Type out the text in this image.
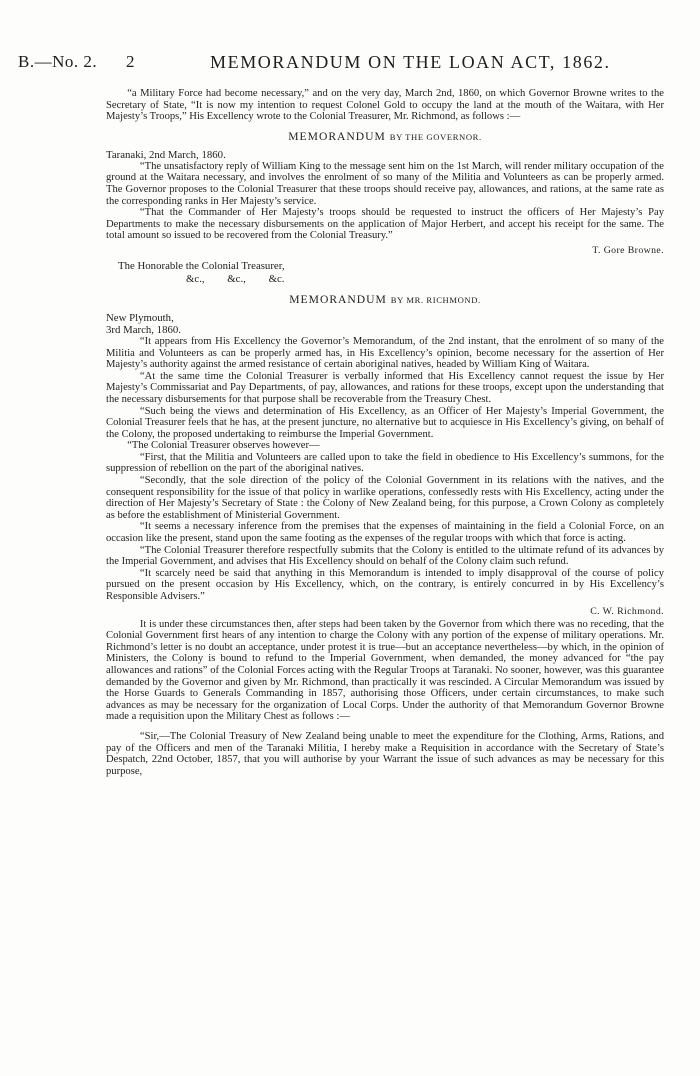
B.—No. 2. 2	MEMORANDUM ON THE LOAN ACT, 1862.

“a Military Force had become necessary,” and on the very day, March 2nd, 1860, on which Governor Browne writes to the Secretary of State, “It is now my intention to request Colonel Gold to occupy the land at the mouth of the Waitara, with Her Majesty’s Troops,” His Excellency wrote to the Colonial Treasurer, Mr. Richmond, as follows :—

MEMORANDUM BY THE GOVERNOR.

Taranaki, 2nd March, 1860.

“The unsatisfactory reply of William King to the message sent him on the 1st March, will render military occupation of the ground at the Waitara necessary, and involves the enrolment of so many of the Militia and Volunteers as can be properly armed. The Governor proposes to the Colonial Treasurer that these troops should receive pay, allowances, and rations, at the same rate as the corresponding ranks in Her Majesty’s service.

“That the Commander of Her Majesty’s troops should be requested to instruct the officers of Her Majesty’s Pay Departments to make the necessary disbursements on the application of Major Herbert, and accept his receipt for the same. The total amount so issued to be recovered from the Colonial Treasury.”

T. Gore Browne.
The Honorable the Colonial Treasurer,
&c., &c., &c.
MEMORANDUM BY MR. RICHMOND.

New Plymouth,

3rd March, 1860.

“It appears from His Excellency the Governor’s Memorandum, of the 2nd instant, that the enrolment of so many of the Militia and Volunteers as can be properly armed has, in His Excellency’s opinion, become necessary for the assertion of Her Majesty’s authority against the armed resistance of certain aboriginal natives, headed by William King of Waitara.

“At the same time the Colonial Treasurer is verbally informed that His Excellency cannot request the issue by Her Majesty’s Commissariat and Pay Departments, of pay, allowances, and rations for these troops, except upon the understanding that the necessary disbursements for that purpose shall be recoverable from the Treasury Chest.

“Such being the views and determination of His Excellency, as an Officer of Her Majesty’s Imperial Government, the Colonial Treasurer feels that he has, at the present juncture, no alternative but to acquiesce in His Excellency’s giving, on behalf of the Colony, the proposed undertaking to reimburse the Imperial Government.

“The Colonial Treasurer observes however—

“First, that the Militia and Volunteers are called upon to take the field in obedience to His Excellency’s summons, for the suppression of rebellion on the part of the aboriginal natives.

“Secondly, that the sole direction of the policy of the Colonial Government in its relations with the natives, and the consequent responsibility for the issue of that policy in warlike operations, confessedly rests with His Excellency, acting under the direction of Her Majesty’s Secretary of State : the Colony of New Zealand being, for this purpose, a Crown Colony as completely as before the establishment of Ministerial Government.

“It seems a necessary inference from the premises that the expenses of maintaining in the field a Colonial Force, on an occasion like the present, stand upon the same footing as the expenses of the regular troops with which that force is acting.

“The Colonial Treasurer therefore respectfully submits that the Colony is entitled to the ultimate refund of its advances by the Imperial Government, and advises that His Excellency should on behalf of the Colony claim such refund.

“It scarcely need be said that anything in this Memorandum is intended to imply disapproval of the course of policy pursued on the present occasion by His Excellency, which, on the contrary, is entirely concurred in by His Excellency’s Responsible Advisers.”

C. W. Richmond.

It is under these circumstances then, after steps had been taken by the Governor from which there was no receding, that the Colonial Government first hears of any intention to charge the Colony with any portion of the expense of military operations. Mr. Richmond’s letter is no doubt an acceptance, under protest it is true—but an acceptance nevertheless—by which, in the opinion of Ministers, the Colony is bound to refund to the Imperial Government, when demanded, the money advanced for “the pay allowances and rations” of the Colonial Forces acting with the Regular Troops at Taranaki. No sooner, however, was this guarantee demanded by the Governor and given by Mr. Richmond, than practically it was rescinded. A Circular Memorandum was issued by the Horse Guards to Generals Commanding in 1857, authorising those Officers, under certain circumstances, to make such advances as may be necessary for the organization of Local Corps. Under the authority of that Memorandum Governor Browne made a requisition upon the Military Chest as follows :—

“Sir,—The Colonial Treasury of New Zealand being unable to meet the expenditure for the Clothing, Arms, Rations, and pay of the Officers and men of the Taranaki Militia, I hereby make a Requisition in accordance with the Secretary of State’s Despatch, 22nd October, 1857, that you will authorise by your Warrant the issue of such advances as may be necessary for this purpose,
